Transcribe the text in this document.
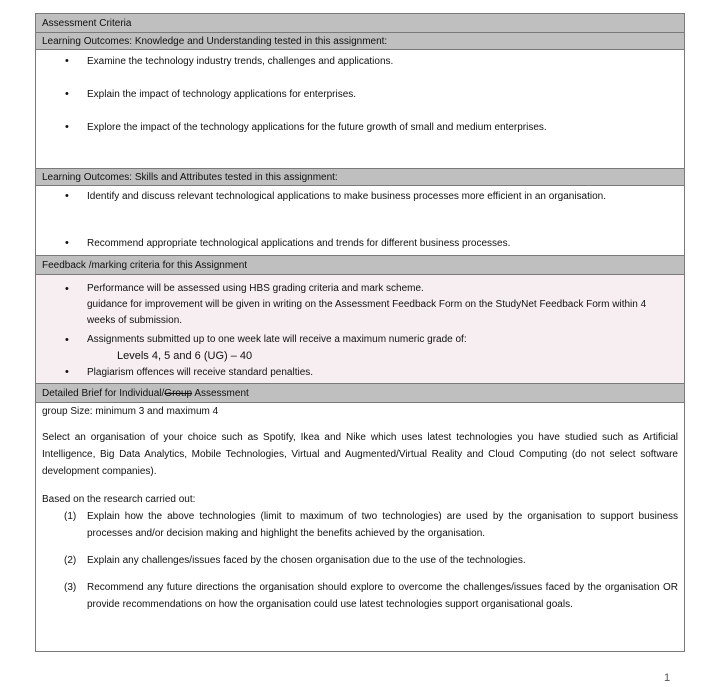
Assessment Criteria
Learning Outcomes: Knowledge and Understanding tested in this assignment:
• Examine the technology industry trends, challenges and applications.
• Explain the impact of technology applications for enterprises.
• Explore the impact of the technology applications for the future growth of small and medium enterprises.
Learning Outcomes: Skills and Attributes tested in this assignment:
• Identify and discuss relevant technological applications to make business processes more efficient in an organisation.
• Recommend appropriate technological applications and trends for different business processes.
Feedback /marking criteria for this Assignment
• Performance will be assessed using HBS grading criteria and mark scheme.
guidance for improvement will be given in writing on the Assessment Feedback Form on the StudyNet Feedback Form within 4 weeks of submission.
• Assignments submitted up to one week late will receive a maximum numeric grade of:
Levels 4, 5 and 6 (UG) – 40
• Plagiarism offences will receive standard penalties.
Detailed Brief for Individual/Group Assessment

group Size: minimum 3 and maximum 4

Select an organisation of your choice such as Spotify, Ikea and Nike which uses latest technologies you have studied such as Artificial Intelligence, Big Data Analytics, Mobile Technologies, Virtual and Augmented/Virtual Reality and Cloud Computing (do not select software development companies).

Based on the research carried out:

(1) Explain how the above technologies (limit to maximum of two technologies) are used by the organisation to support business processes and/or decision making and highlight the benefits achieved by the organisation.
(2) Explain any challenges/issues faced by the chosen organisation due to the use of the technologies.
(3) Recommend any future directions the organisation should explore to overcome the challenges/issues faced by the organisation OR provide recommendations on how the organisation could use latest technologies support organisational goals.
1
